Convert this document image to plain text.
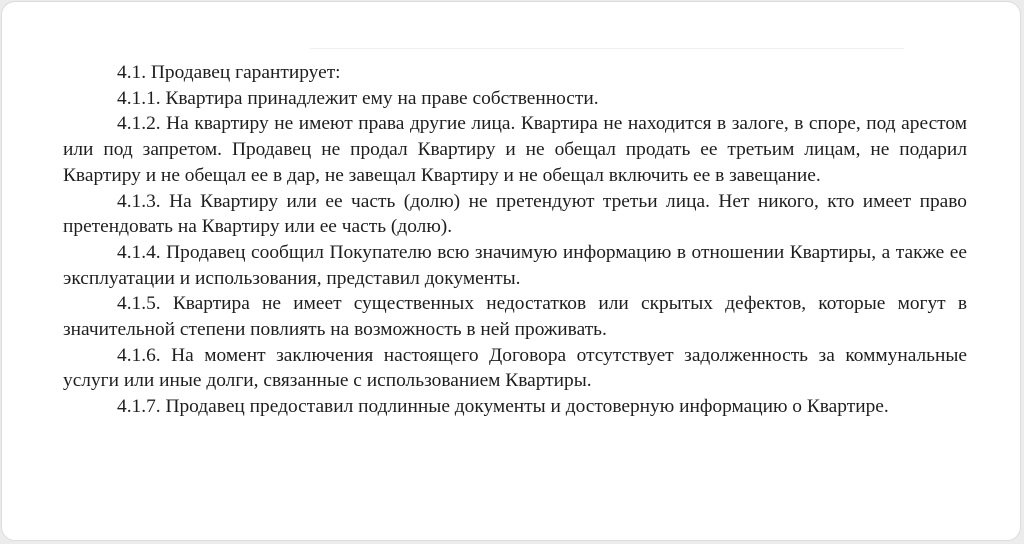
4.1. Продавец гарантирует:

4.1.1. Квартира принадлежит ему на праве собственности.

4.1.2. На квартиру не имеют права другие лица. Квартира не находится в залоге, в споре, под арестом или под запретом. Продавец не продал Квартиру и не обещал продать ее третьим лицам, не подарил Квартиру и не обещал ее в дар, не завещал Квартиру и не обещал включить ее в завещание.

4.1.3. На Квартиру или ее часть (долю) не претендуют третьи лица. Нет никого, кто имеет право претендовать на Квартиру или ее часть (долю).

4.1.4. Продавец сообщил Покупателю всю значимую информацию в отношении Квартиры, а также ее эксплуатации и использования, представил документы.

4.1.5. Квартира не имеет существенных недостатков или скрытых дефектов, которые могут в значительной степени повлиять на возможность в ней проживать.

4.1.6. На момент заключения настоящего Договора отсутствует задолженность за коммунальные услуги или иные долги, связанные с использованием Квартиры.

4.1.7. Продавец предоставил подлинные документы и достоверную информацию о Квартире.
